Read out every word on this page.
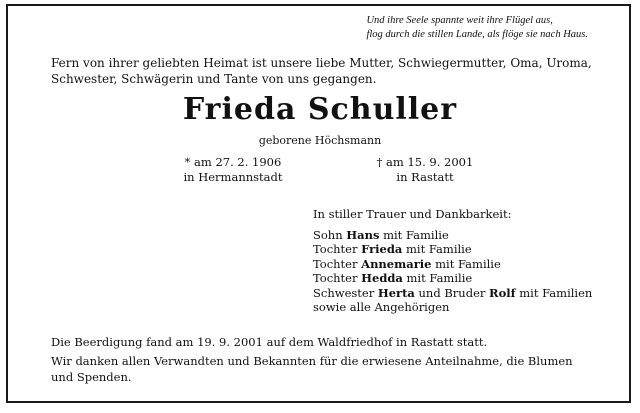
Und ihre Seele spannte weit ihre Flügel aus,
flog durch die stillen Lande, als flöge sie nach Haus.
Fern von ihrer geliebten Heimat ist unsere liebe Mutter, Schwiegermutter, Oma, Uroma,
Schwester, Schwägerin und Tante von uns gegangen.
Frieda Schuller
geborene Höchsmann
* am 27. 2. 1906
in Hermannstadt
† am 15. 9. 2001
in Rastatt
In stiller Trauer und Dankbarkeit:
Sohn Hans mit Familie
Tochter Frieda mit Familie
Tochter Annemarie mit Familie
Tochter Hedda mit Familie
Schwester Herta und Bruder Rolf mit Familien
sowie alle Angehörigen
Die Beerdigung fand am 19. 9. 2001 auf dem Waldfriedhof in Rastatt statt.
Wir danken allen Verwandten und Bekannten für die erwiesene Anteilnahme, die Blumen
und Spenden.
